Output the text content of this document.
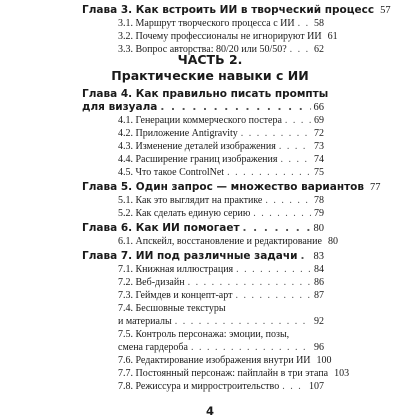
Глава 3. Как встроить ИИ в творческий процесс 57
3.1. Маршрут творческого процесса с ИИ . . . 58
3.2. Почему профессионалы не игнорируют ИИ 61
3.3. Вопрос авторства: 80/20 или 50/50? . . .	62
ЧАСТЬ 2.
Практические навыки с ИИ
Глава 4. Как правильно писать промпты
для визуала . . .	66
4.1. Генерации коммерческого постера . . .	69
4.2. Приложение Antigravity . . .	72
4.3. Изменение деталей изображения . . .	73
4.4. Расширение границ изображения . . .	74
4.5. Что такое ControlNet . . .	75
Глава 5. Один запрос — множество вариантов 77
5.1. Как это выглядит на практике . . .	78
5.2. Как сделать единую серию . . .	79
Глава 6. Как ИИ помогает . . .	80
6.1. Апскейл, восстановление и редактирование 80
Глава 7. ИИ под различные задачи . . . 83
7.1. Книжная иллюстрация . . .	84
7.2. Веб-дизайн . . .	86
7.3. Геймдев и концепт-арт . . .	87
7.4. Бесшовные текстуры
и материалы . . .	92
7.5. Контроль персонажа: эмоции, позы,
смена гардероба . . .	96
7.6. Редактирование изображения внутри ИИ 100
7.7. Постоянный персонаж: пайплайн в три этапа 103
7.8. Режиссура и мирростроительство . . .	107
4
